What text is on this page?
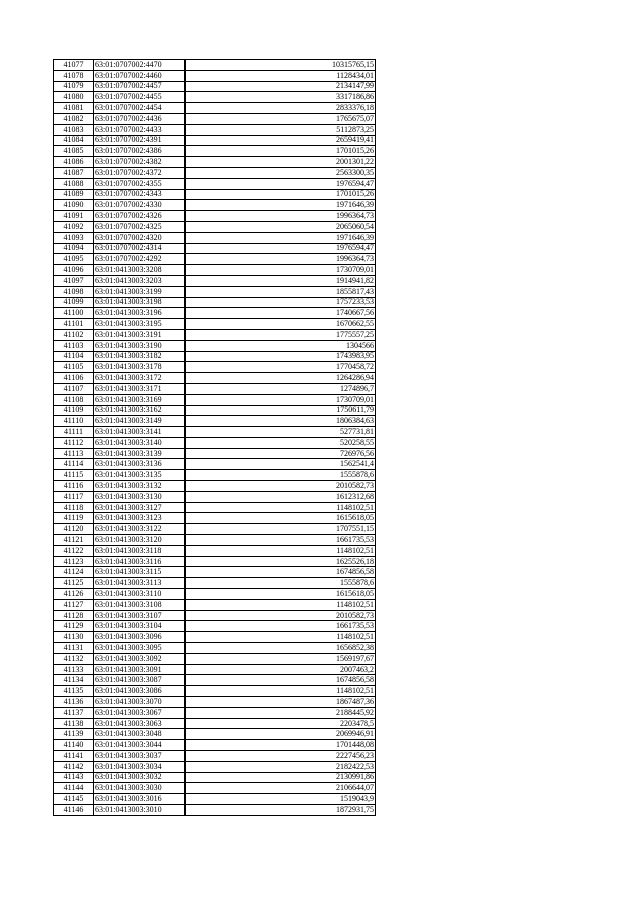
41077	63:01:0707002:4470	10315765,15
41078	63:01:0707002:4460	1128434,01
41079	63:01:0707002:4457	2134147,99
41080	63:01:0707002:4455	3317186,86
41081	63:01:0707002:4454	2833376,18
41082	63:01:0707002:4436	1765675,07
41083	63:01:0707002:4433	5112873,25
41084	63:01:0707002:4391	2659419,41
41085	63:01:0707002:4386	1701015,26
41086	63:01:0707002:4382	2001301,22
41087	63:01:0707002:4372	2563300,35
41088	63:01:0707002:4355	1976594,47
41089	63:01:0707002:4343	1701015,26
41090	63:01:0707002:4330	1971646,39
41091	63:01:0707002:4326	1996364,73
41092	63:01:0707002:4325	2065060,54
41093	63:01:0707002:4320	1971646,39
41094	63:01:0707002:4314	1976594,47
41095	63:01:0707002:4292	1996364,73
41096	63:01:0413003:3208	1730709,01
41097	63:01:0413003:3203	1914941,82
41098	63:01:0413003:3199	1855817,43
41099	63:01:0413003:3198	1757233,53
41100	63:01:0413003:3196	1740667,56
41101	63:01:0413003:3195	1670662,55
41102	63:01:0413003:3191	1775557,25
41103	63:01:0413003:3190	1304566
41104	63:01:0413003:3182	1743983,95
41105	63:01:0413003:3178	1770458,72
41106	63:01:0413003:3172	1264286,94
41107	63:01:0413003:3171	1274896,7
41108	63:01:0413003:3169	1730709,01
41109	63:01:0413003:3162	1750611,79
41110	63:01:0413003:3149	1806384,63
41111	63:01:0413003:3141	527731,81
41112	63:01:0413003:3140	520258,55
41113	63:01:0413003:3139	726976,56
41114	63:01:0413003:3136	1562541,4
41115	63:01:0413003:3135	1555878,6
41116	63:01:0413003:3132	2010582,73
41117	63:01:0413003:3130	1612312,68
41118	63:01:0413003:3127	1148102,51
41119	63:01:0413003:3123	1615618,05
41120	63:01:0413003:3122	1707551,15
41121	63:01:0413003:3120	1661735,53
41122	63:01:0413003:3118	1148102,51
41123	63:01:0413003:3116	1625526,18
41124	63:01:0413003:3115	1674856,58
41125	63:01:0413003:3113	1555878,6
41126	63:01:0413003:3110	1615618,05
41127	63:01:0413003:3108	1148102,51
41128	63:01:0413003:3107	2010582,73
41129	63:01:0413003:3104	1661735,53
41130	63:01:0413003:3096	1148102,51
41131	63:01:0413003:3095	1656852,38
41132	63:01:0413003:3092	1569197,67
41133	63:01:0413003:3091	2007463,2
41134	63:01:0413003:3087	1674856,58
41135	63:01:0413003:3086	1148102,51
41136	63:01:0413003:3070	1867487,36
41137	63:01:0413003:3067	2188445,92
41138	63:01:0413003:3063	2203478,5
41139	63:01:0413003:3048	2069946,91
41140	63:01:0413003:3044	1701448,08
41141	63:01:0413003:3037	2227456,23
41142	63:01:0413003:3034	2182422,53
41143	63:01:0413003:3032	2130991,86
41144	63:01:0413003:3030	2106644,07
41145	63:01:0413003:3016	1519043,9
41146	63:01:0413003:3010	1872931,75
